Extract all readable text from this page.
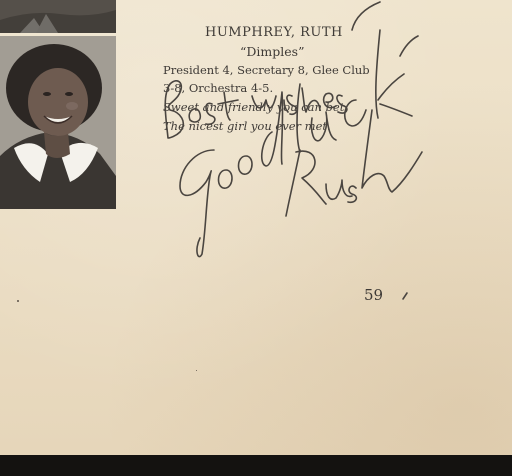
HUMPHREY, RUTH
“Dimples”
President 4, Secretary 8, Glee Club
3-8, Orchestra 4-5.
Sweet and friendly you can bet,
The nicest girl you ever met.
59
